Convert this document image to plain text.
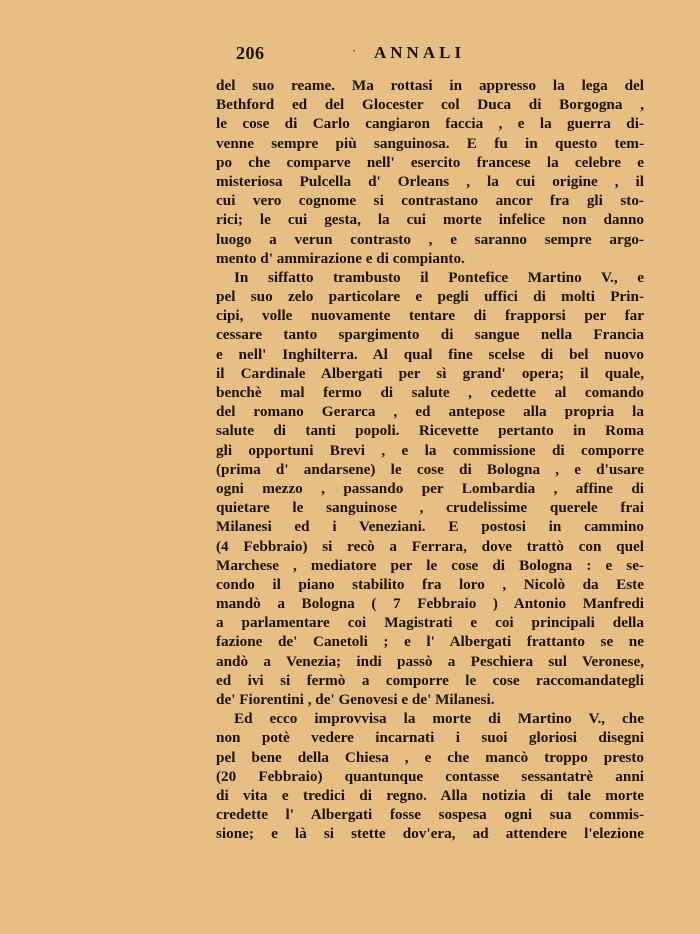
206	· ANNALI
del suo reame. Ma rottasi in appresso la lega del
Bethford ed del Glocester col Duca di Borgogna ,
le cose di Carlo cangiaron faccia , e la guerra di-
venne sempre più sanguinosa. E fu in questo tem-
po che comparve nell' esercito francese la celebre e
misteriosa Pulcella d' Orleans , la cui origine , il
cui vero cognome si contrastano ancor fra gli sto-
rici; le cui gesta, la cui morte infelice non danno
luogo a verun contrasto , e saranno sempre argo-
mento d' ammirazione e di compianto.
In siffatto trambusto il Pontefice Martino V., e
pel suo zelo particolare e pegli uffici di molti Prin-
cipi, volle nuovamente tentare di frapporsi per far
cessare tanto spargimento di sangue nella Francia
e nell' Inghilterra. Al qual fine scelse di bel nuovo
il Cardinale Albergati per sì grand' opera; il quale,
benchè mal fermo di salute , cedette al comando
del romano Gerarca , ed antepose alla propria la
salute di tanti popoli. Ricevette pertanto in Roma
gli opportuni Brevi , e la commissione di comporre
(prima d' andarsene) le cose di Bologna , e d'usare
ogni mezzo , passando per Lombardia , affine di
quietare le sanguinose , crudelissime querele frai
Milanesi ed i Veneziani. E postosi in cammino
(4 Febbraio) si recò a Ferrara, dove trattò con quel
Marchese , mediatore per le cose di Bologna : e se-
condo il piano stabilito fra loro , Nicolò da Este
mandò a Bologna ( 7 Febbraio ) Antonio Manfredi
a parlamentare coi Magistrati e coi principali della
fazione de' Canetoli ; e l' Albergati frattanto se ne
andò a Venezia; indi passò a Peschiera sul Veronese,
ed ivi si fermò a comporre le cose raccomandategli
de' Fiorentini , de' Genovesi e de' Milanesi.
Ed ecco improvvisa la morte di Martino V., che
non potè vedere incarnati i suoi gloriosi disegni
pel bene della Chiesa , e che mancò troppo presto
(20 Febbraio) quantunque contasse sessantatrè anni
di vita e tredici di regno. Alla notizia di tale morte
credette l' Albergati fosse sospesa ogni sua commis-
sione; e là si stette dov'era, ad attendere l'elezione
